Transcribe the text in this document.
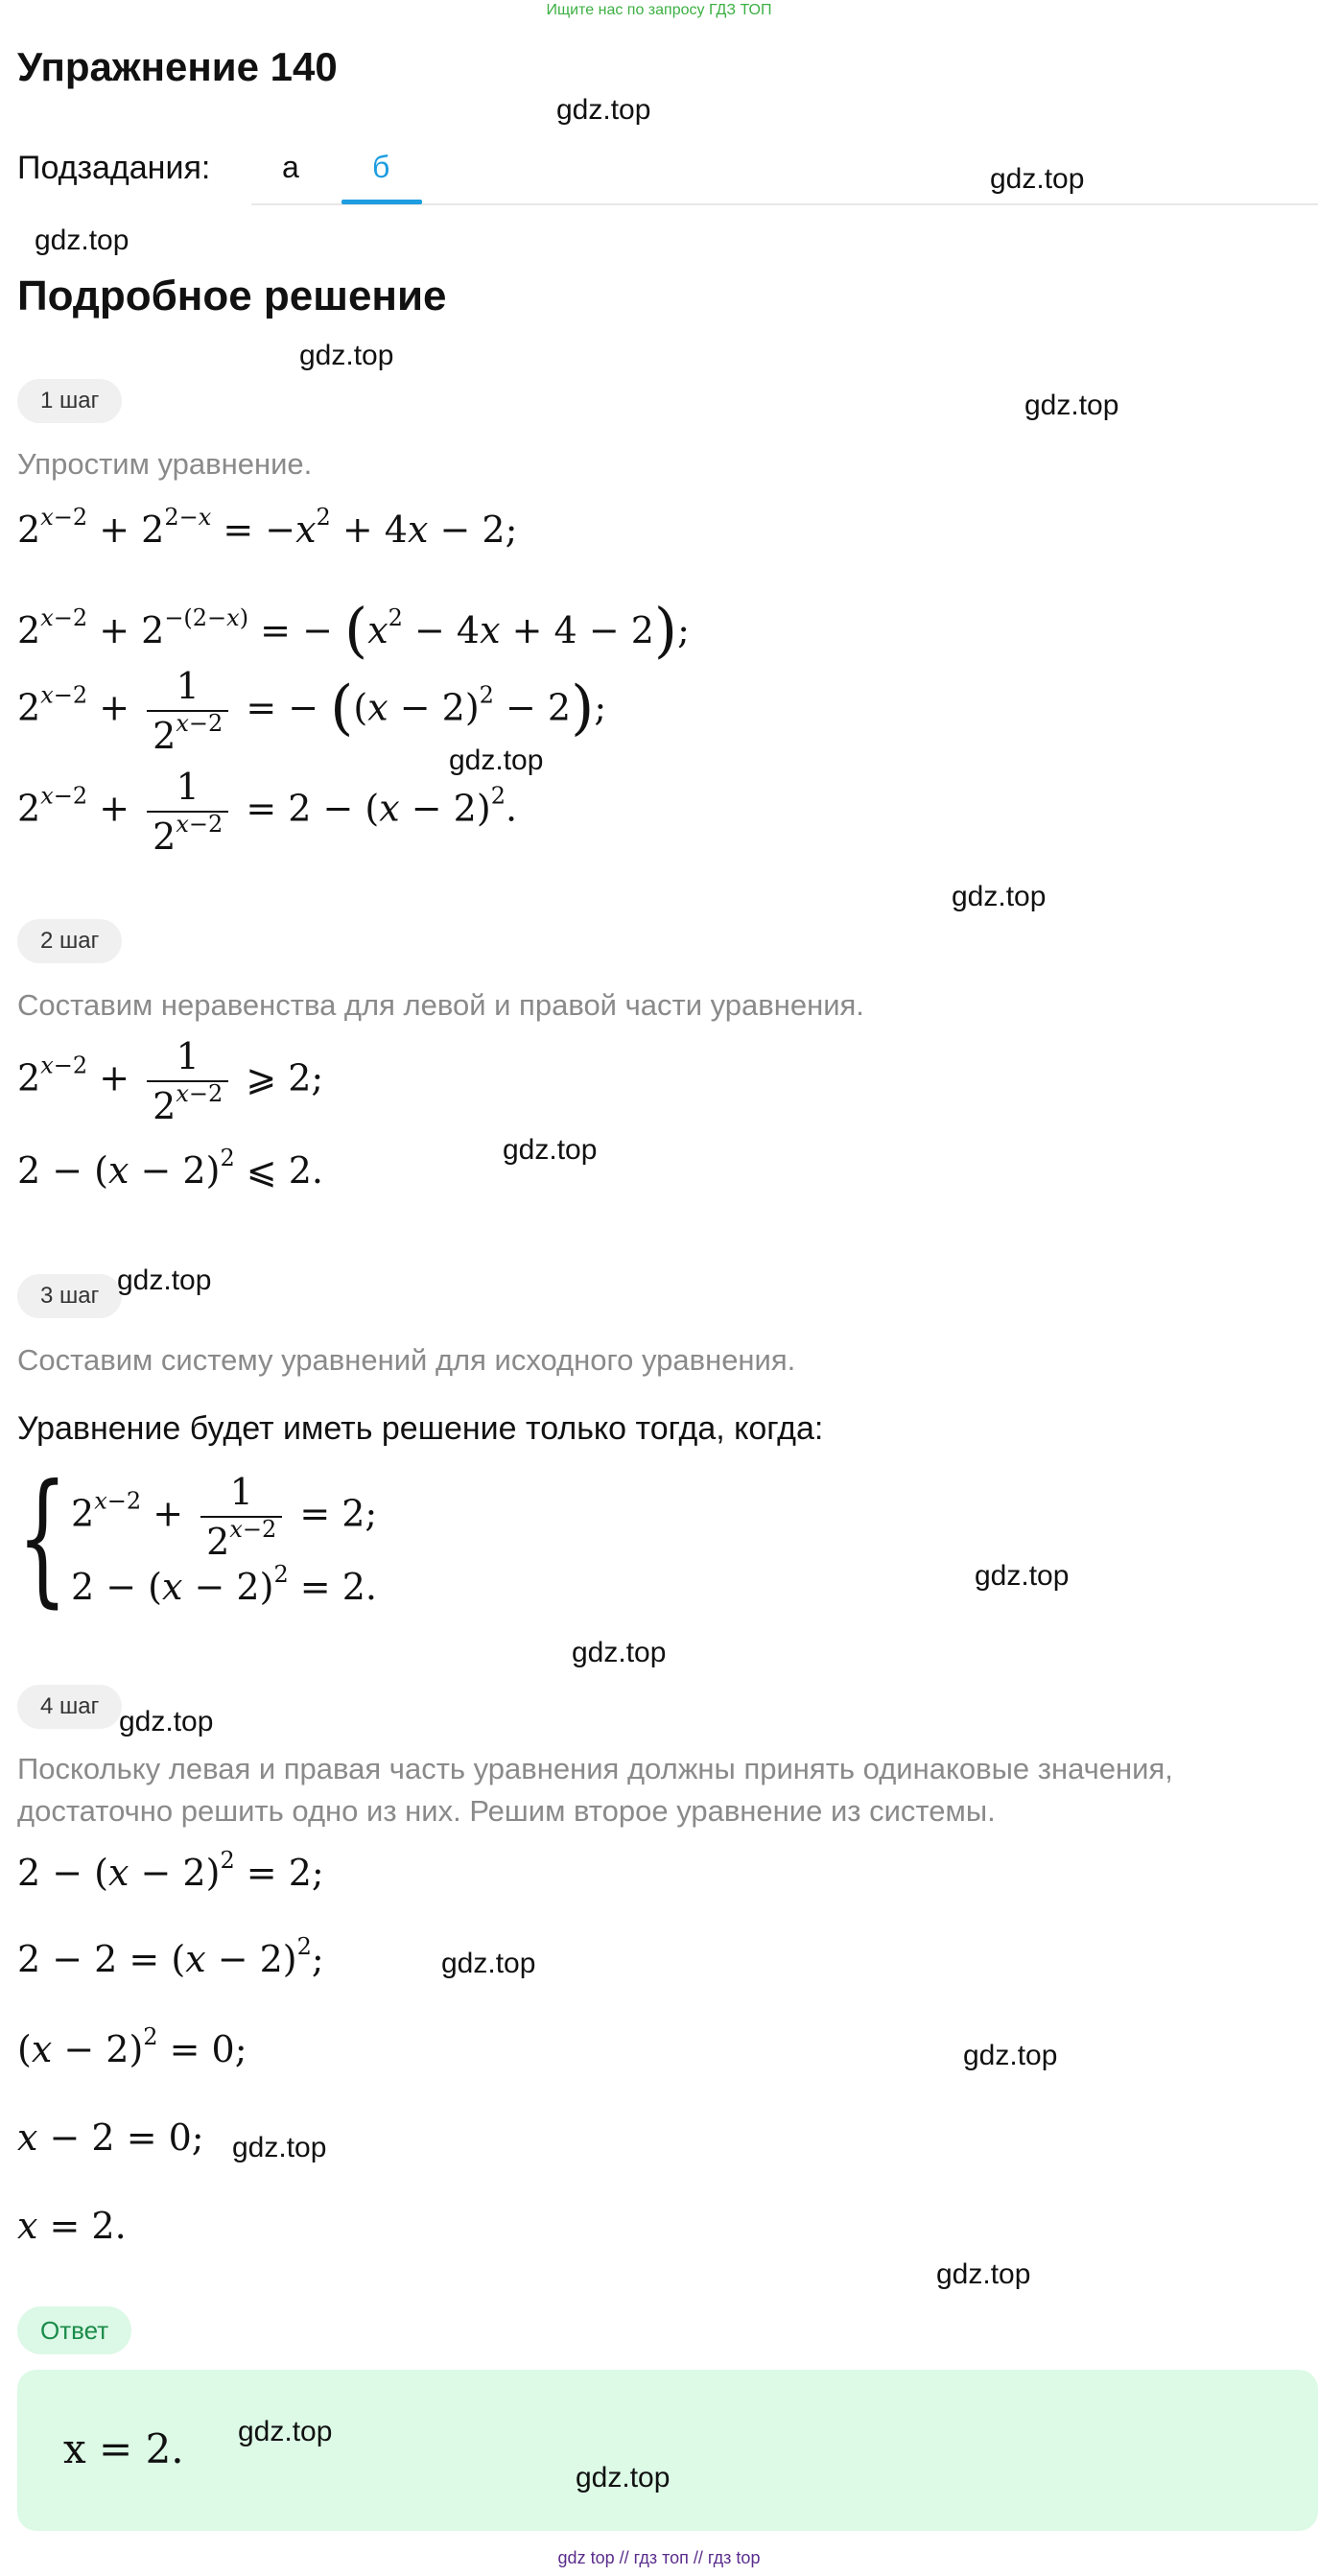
Ищите нас по запросу ГДЗ ТОП
Упражнение 140
Подзадания: а б
Подробное решение
1 шаг
Упростим уравнение.
$2^{x-2} + 2^{2-x} = -x^2 + 4x - 2$;
$2^{x-2} + 2^{-(2-x)}$ = − $(x^2 - 4x + 4 - 2)$;
$2^{x-2} + \frac{1}{2^{x-2}}$ = − $((x - 2)^2 - 2)$;
$2^{x-2} + \frac{1}{2^{x-2}} = 2 - (x - 2)^2$.
2 шаг
Составим неравенства для левой и правой части уравнения.
$2^{x-2} + \frac{1}{2^{x-2}}$ ⩾ 2;
$2 - (x - 2)^2$ ⩽ 2.
3 шаг
Составим систему уравнений для исходного уравнения.
Уравнение будет иметь решение только тогда, когда:
{ $2^{x-2} + \frac{1}{2^{x-2}} = 2$;
$2 - (x - 2)^2 = 2$.
4 шаг
Поскольку левая и правая часть уравнения должны принять одинаковые значения, достаточно решить одно из них. Решим второе уравнение из системы.
$2 - (x - 2)^2 = 2$;
$2 - 2 = (x - 2)^2$;
$(x - 2)^2 = 0$;
x − 2 = 0;
x = 2.
Ответ
x = 2.
gdz.top
gdz.top
gdz.top
gdz.top
gdz.top
gdz.top
gdz.top
gdz.top
gdz.top
gdz.top
gdz.top
gdz.top
gdz.top
gdz.top
gdz.top
gdz.top
gdz.top
gdz.top
gdz top // гдз топ // гдз top
